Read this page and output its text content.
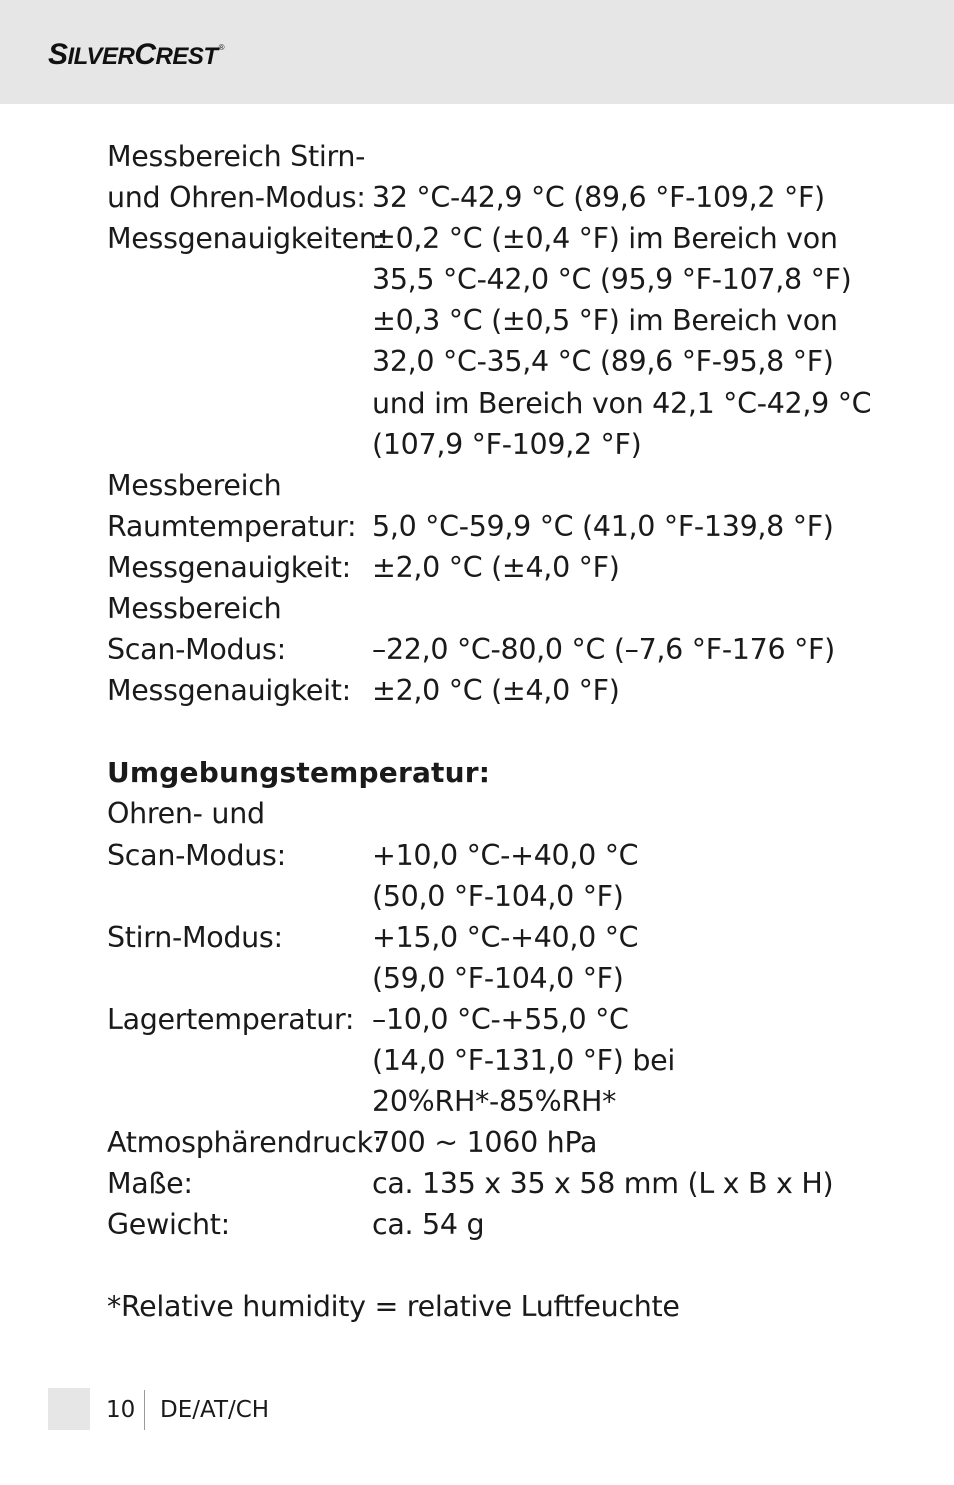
SILVERCREST®
Messbereich Stirn-
und Ohren-Modus: 32 °C-42,9 °C (89,6 °F-109,2 °F)
Messgenauigkeiten:
±0,2 °C (±0,4 °F) im Bereich von
35,5 °C-42,0 °C (95,9 °F-107,8 °F)
±0,3 °C (±0,5 °F) im Bereich von
32,0 °C-35,4 °C (89,6 °F-95,8 °F)
und im Bereich von 42,1 °C-42,9 °C
(107,9 °F-109,2 °F)
Messbereich
Raumtemperatur: 5,0 °C-59,9 °C (41,0 °F-139,8 °F)
Messgenauigkeit: ±2,0 °C (±4,0 °F)
Messbereich
Scan-Modus:	–22,0 °C-80,0 °C (–7,6 °F-176 °F)
Messgenauigkeit: ±2,0 °C (±4,0 °F)
Umgebungstemperatur:
Ohren- und
Scan-Modus:	+10,0 °C-+40,0 °C
(50,0 °F-104,0 °F)
Stirn-Modus:	+15,0 °C-+40,0 °C
(59,0 °F-104,0 °F)
Lagertemperatur: –10,0 °C-+55,0 °C
(14,0 °F-131,0 °F) bei
20%RH*-85%RH*
Atmosphärendruck:
700 ~ 1060 hPa
Maße:	ca. 135 x 35 x 58 mm (L x B x H)
Gewicht:	ca. 54 g
*Relative humidity = relative Luftfeuchte
10 DE/AT/CH
